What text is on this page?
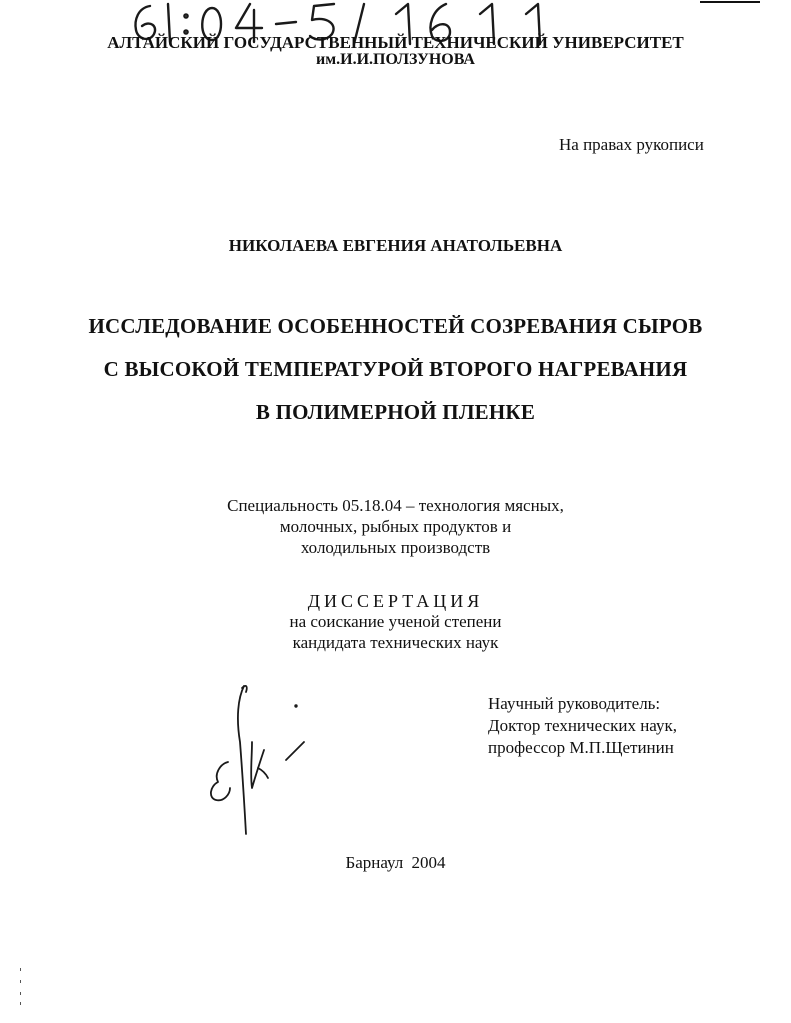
АЛТАЙСКИЙ ГОСУДАРСТВЕННЫЙ ТЕХНИЧЕСКИЙ УНИВЕРСИТЕТ
им.И.И.ПОЛЗУНОВА
На правах рукописи
НИКОЛАЕВА ЕВГЕНИЯ АНАТОЛЬЕВНА
ИССЛЕДОВАНИЕ ОСОБЕННОСТЕЙ СОЗРЕВАНИЯ СЫРОВ
С ВЫСОКОЙ ТЕМПЕРАТУРОЙ ВТОРОГО НАГРЕВАНИЯ
В ПОЛИМЕРНОЙ ПЛЕНКЕ
Специальность 05.18.04 – технология мясных,
молочных, рыбных продуктов и
холодильных производств
ДИССЕРТАЦИЯ
на соискание ученой степени
кандидата технических наук
Научный руководитель:
Доктор технических наук,
профессор М.П.Щетинин
Барнаул 2004
